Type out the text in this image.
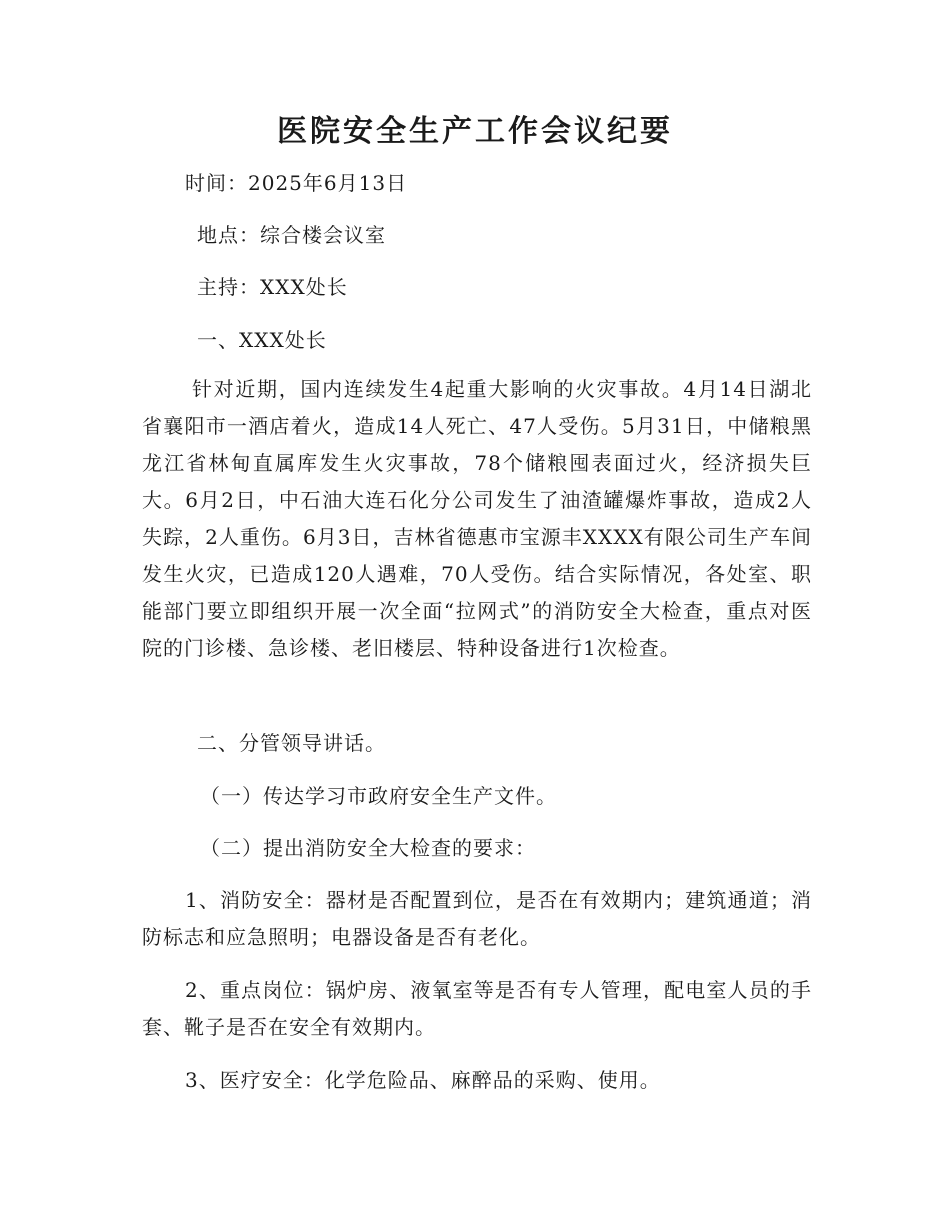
医院安全生产工作会议纪要
时间：2025年6月13日
地点：综合楼会议室
主持：XXX处长
一、XXX处长

针对近期，国内连续发生4起重大影响的火灾事故。4月14日湖北省襄阳市一酒店着火，造成14人死亡、47人受伤。5月31日，中储粮黑龙江省林甸直属库发生火灾事故，78个储粮囤表面过火，经济损失巨大。6月2日，中石油大连石化分公司发生了油渣罐爆炸事故，造成2人失踪，2人重伤。6月3日，吉林省德惠市宝源丰XXXX有限公司生产车间发生火灾，已造成120人遇难，70人受伤。结合实际情况，各处室、职能部门要立即组织开展一次全面“拉网式”的消防安全大检查，重点对医院的门诊楼、急诊楼、老旧楼层、特种设备进行1次检查。

二、分管领导讲话。
（一）传达学习市政府安全生产文件。
（二）提出消防安全大检查的要求：

1、消防安全：器材是否配置到位，是否在有效期内；建筑通道；消防标志和应急照明；电器设备是否有老化。

2、重点岗位：锅炉房、液氧室等是否有专人管理，配电室人员的手套、靴子是否在安全有效期内。

3、医疗安全：化学危险品、麻醉品的采购、使用。
